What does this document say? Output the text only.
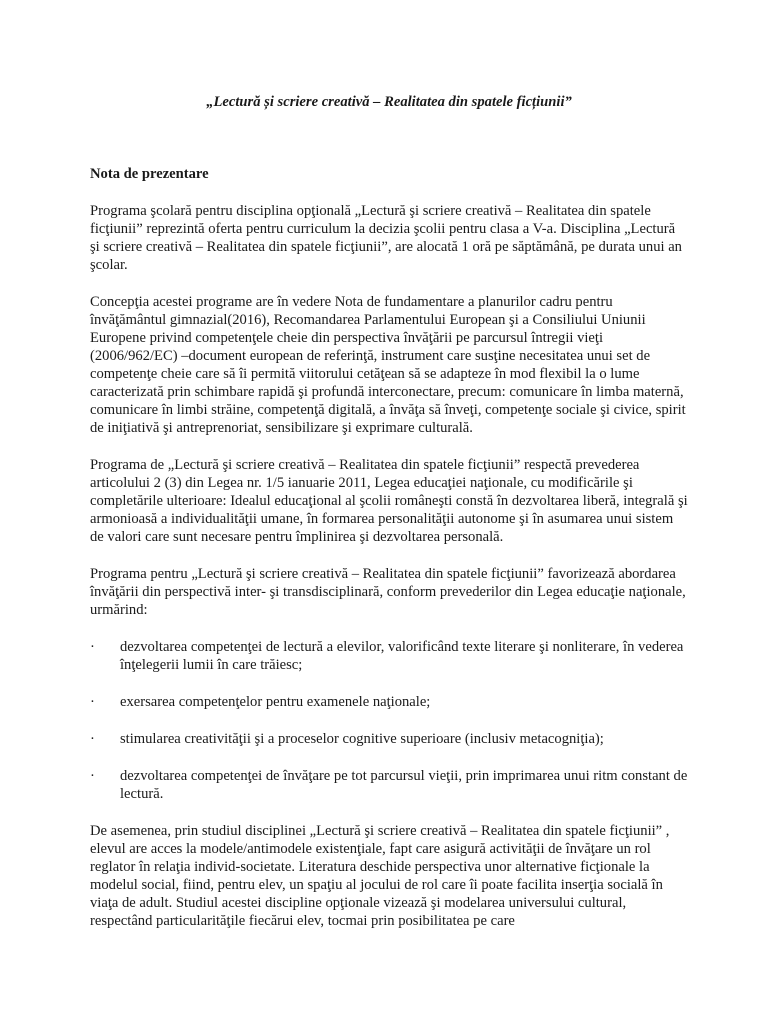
„Lectură și scriere creativă – Realitatea din spatele ficțiunii”
Nota de prezentare

Programa şcolară pentru disciplina opţională „Lectură şi scriere creativă – Realitatea din spatele ficţiunii” reprezintă oferta pentru curriculum la decizia şcolii pentru clasa a V-a. Disciplina „Lectură şi scriere creativă – Realitatea din spatele ficţiunii”, are alocată 1 oră pe săptămână, pe durata unui an şcolar.

Concepţia acestei programe are în vedere Nota de fundamentare a planurilor cadru pentru învăţământul gimnazial(2016), Recomandarea Parlamentului European şi a Consiliului Uniunii Europene privind competenţele cheie din perspectiva învăţării pe parcursul întregii vieţi (2006/962/EC) –document european de referinţă, instrument care susţine necesitatea unui set de competenţe cheie care să îi permită viitorului cetăţean să se adapteze în mod flexibil la o lume caracterizată prin schimbare rapidă şi profundă interconectare, precum: comunicare în limba maternă, comunicare în limbi străine, competenţă digitală, a învăţa să înveţi, competenţe sociale şi civice, spirit de iniţiativă şi antreprenoriat, sensibilizare şi exprimare culturală.

Programa de „Lectură şi scriere creativă – Realitatea din spatele ficţiunii” respectă prevederea articolului 2 (3) din Legea nr. 1/5 ianuarie 2011, Legea educaţiei naţionale, cu modificările şi completările ulterioare: Idealul educaţional al şcolii româneşti constă în dezvoltarea liberă, integrală şi armonioasă a individualităţii umane, în formarea personalităţii autonome şi în asumarea unui sistem de valori care sunt necesare pentru împlinirea şi dezvoltarea personală.

Programa pentru „Lectură şi scriere creativă – Realitatea din spatele ficţiunii” favorizează abordarea învăţării din perspectivă inter- şi transdisciplinară, conform prevederilor din Legea educaţie naţionale, urmărind:

·	dezvoltarea competenţei de lectură a elevilor, valorificând texte literare şi nonliterare, în vederea înţelegerii lumii în care trăiesc;
·	exersarea competenţelor pentru examenele naţionale;
·	stimularea creativităţii şi a proceselor cognitive superioare (inclusiv metacogniţia);
·	dezvoltarea competenţei de învăţare pe tot parcursul vieţii, prin imprimarea unui ritm constant de lectură.

De asemenea, prin studiul disciplinei „Lectură şi scriere creativă – Realitatea din spatele ficţiunii” , elevul are acces la modele/antimodele existenţiale, fapt care asigură activităţii de învăţare un rol reglator în relaţia individ-societate. Literatura deschide perspectiva unor alternative ficţionale la modelul social, fiind, pentru elev, un spaţiu al jocului de rol care îi poate facilita inserţia socială în viaţa de adult. Studiul acestei discipline opţionale vizează şi modelarea universului cultural, respectând particularităţile fiecărui elev, tocmai prin posibilitatea pe care
